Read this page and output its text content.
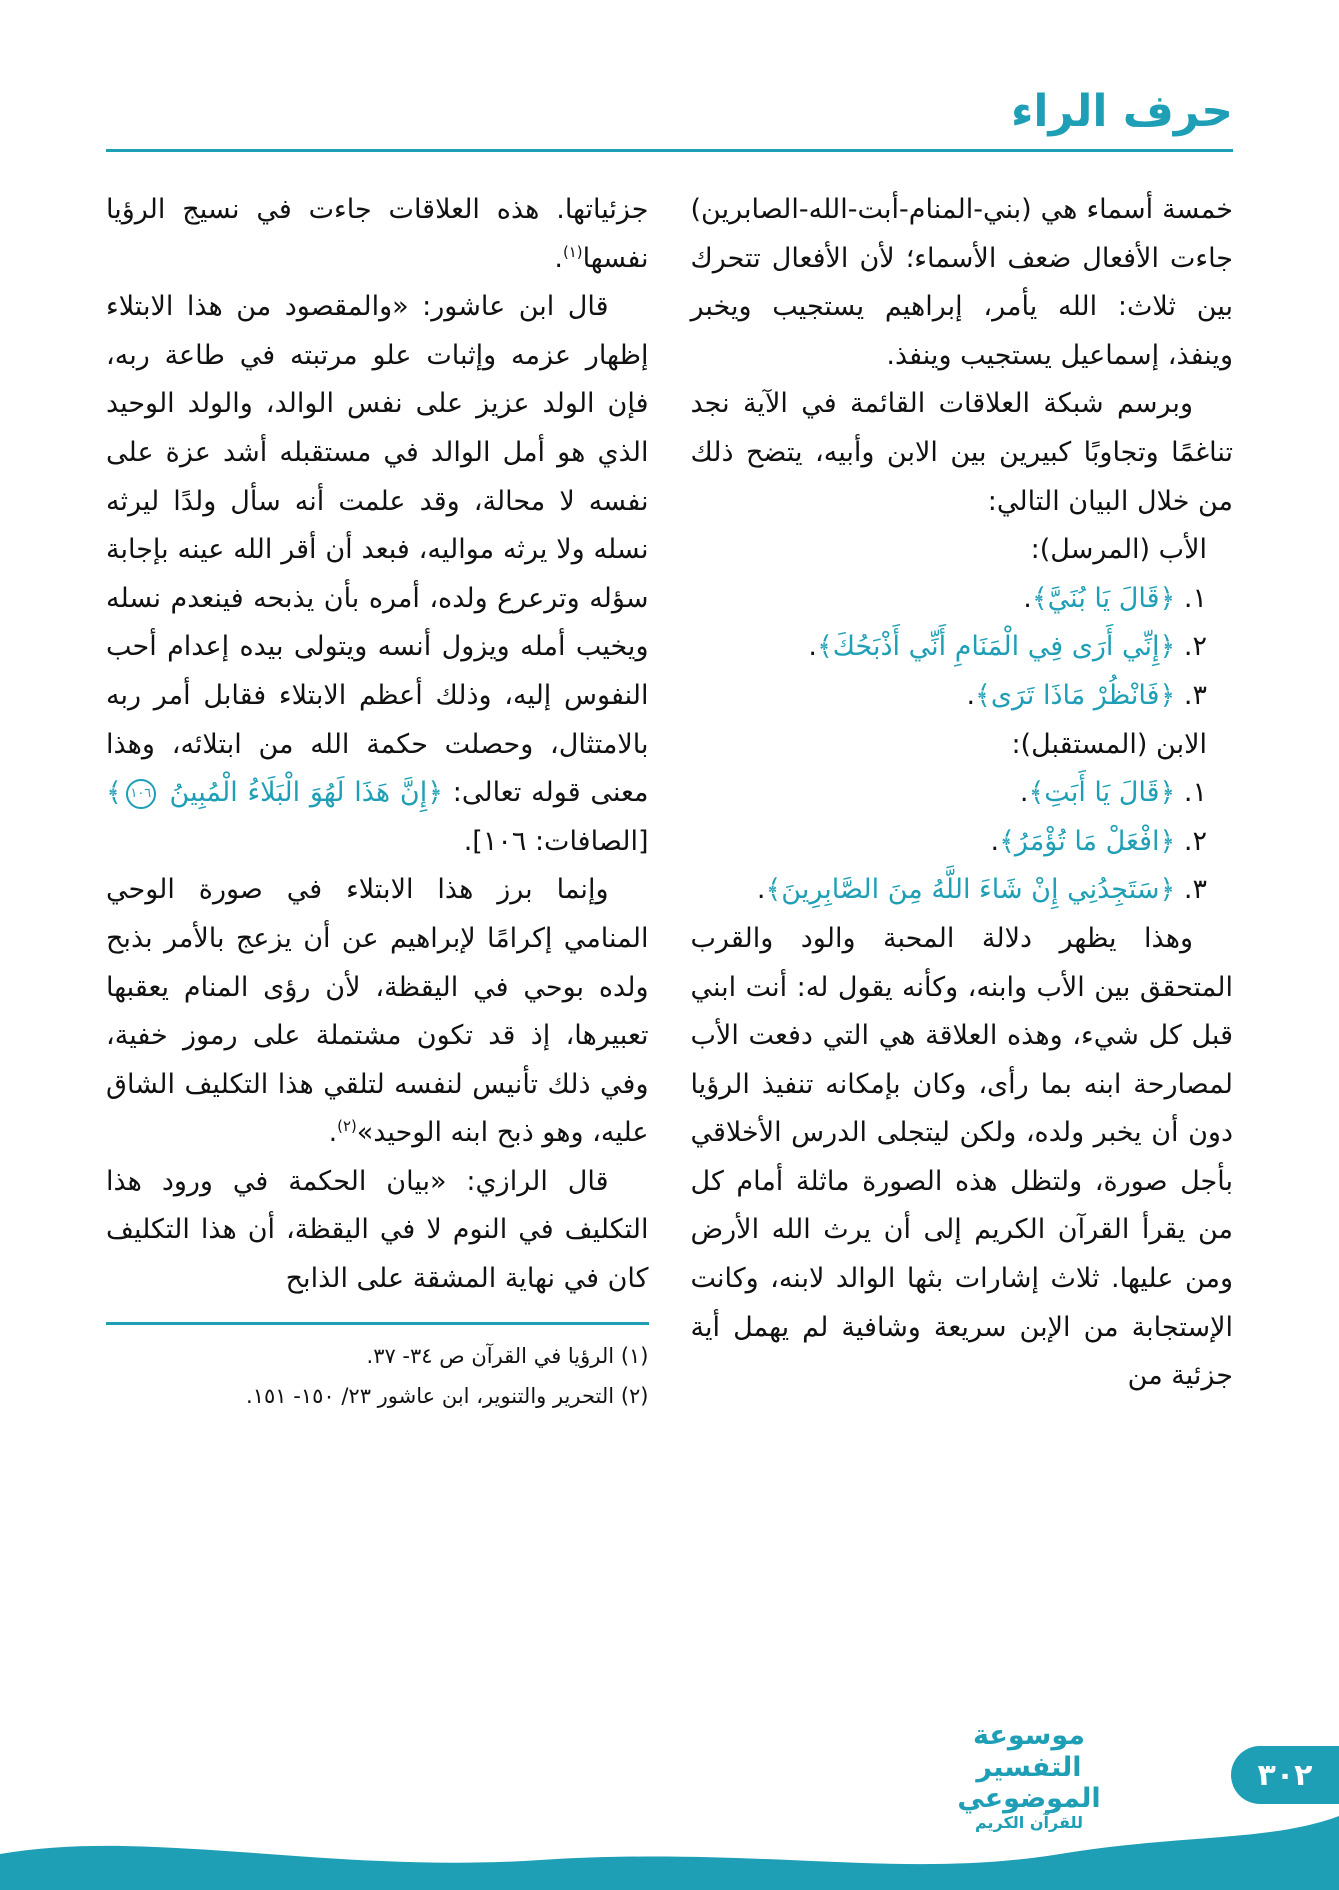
حرف الراء

خمسة أسماء هي (بني-المنام-أبت-الله-الصابرين) جاءت الأفعال ضعف الأسماء؛ لأن الأفعال تتحرك بين ثلاث: الله يأمر، إبراهيم يستجيب ويخبر وينفذ، إسماعيل يستجيب وينفذ.

وبرسم شبكة العلاقات القائمة في الآية نجد تناغمًا وتجاوبًا كبيرين بين الابن وأبيه، يتضح ذلك من خلال البيان التالي:

الأب (المرسل):

١. ﴿قَالَ يَا بُنَيَّ﴾.
٢. ﴿إِنِّي أَرَى فِي الْمَنَامِ أَنِّي أَذْبَحُكَ﴾.
٣. ﴿فَانْظُرْ مَاذَا تَرَى﴾.

الابن (المستقبل):

١. ﴿قَالَ يَا أَبَتِ﴾.
٢. ﴿افْعَلْ مَا تُؤْمَرُ﴾.
٣. ﴿سَتَجِدُنِي إِنْ شَاءَ اللَّهُ مِنَ الصَّابِرِينَ﴾.

وهذا يظهر دلالة المحبة والود والقرب المتحقق بين الأب وابنه، وكأنه يقول له: أنت ابني قبل كل شيء، وهذه العلاقة هي التي دفعت الأب لمصارحة ابنه بما رأى، وكان بإمكانه تنفيذ الرؤيا دون أن يخبر ولده، ولكن ليتجلى الدرس الأخلاقي بأجل صورة، ولتظل هذه الصورة ماثلة أمام كل من يقرأ القرآن الكريم إلى أن يرث الله الأرض ومن عليها. ثلاث إشارات بثها الوالد لابنه، وكانت الإستجابة من الإبن سريعة وشافية لم يهمل أية جزئية من

جزئياتها. هذه العلاقات جاءت في نسيج الرؤيا نفسها$^{(١)}$.

قال ابن عاشور: «والمقصود من هذا الابتلاء إظهار عزمه وإثبات علو مرتبته في طاعة ربه، فإن الولد عزيز على نفس الوالد، والولد الوحيد الذي هو أمل الوالد في مستقبله أشد عزة على نفسه لا محالة، وقد علمت أنه سأل ولدًا ليرثه نسله ولا يرثه مواليه، فبعد أن أقر الله عينه بإجابة سؤله وترعرع ولده، أمره بأن يذبحه فينعدم نسله ويخيب أمله ويزول أنسه ويتولى بيده إعدام أحب النفوس إليه، وذلك أعظم الابتلاء فقابل أمر ربه بالامتثال، وحصلت حكمة الله من ابتلائه، وهذا معنى قوله تعالى: ﴿إِنَّ هَذَا لَهُوَ الْبَلَاءُ الْمُبِينُ ١٠٦﴾ [الصافات: ١٠٦].

وإنما برز هذا الابتلاء في صورة الوحي المنامي إكرامًا لإبراهيم عن أن يزعج بالأمر بذبح ولده بوحي في اليقظة، لأن رؤى المنام يعقبها تعبيرها، إذ قد تكون مشتملة على رموز خفية، وفي ذلك تأنيس لنفسه لتلقي هذا التكليف الشاق عليه، وهو ذبح ابنه الوحيد»$^{(٢)}$.

قال الرازي: «بيان الحكمة في ورود هذا التكليف في النوم لا في اليقظة، أن هذا التكليف كان في نهاية المشقة على الذابح

(١) الرؤيا في القرآن ص ٣٤- ٣٧.
(٢) التحرير والتنوير، ابن عاشور ٢٣/ ١٥٠- ١٥١.
موسوعة التفسير الموضوعي
للقرآن الكريم
٣٠٢
